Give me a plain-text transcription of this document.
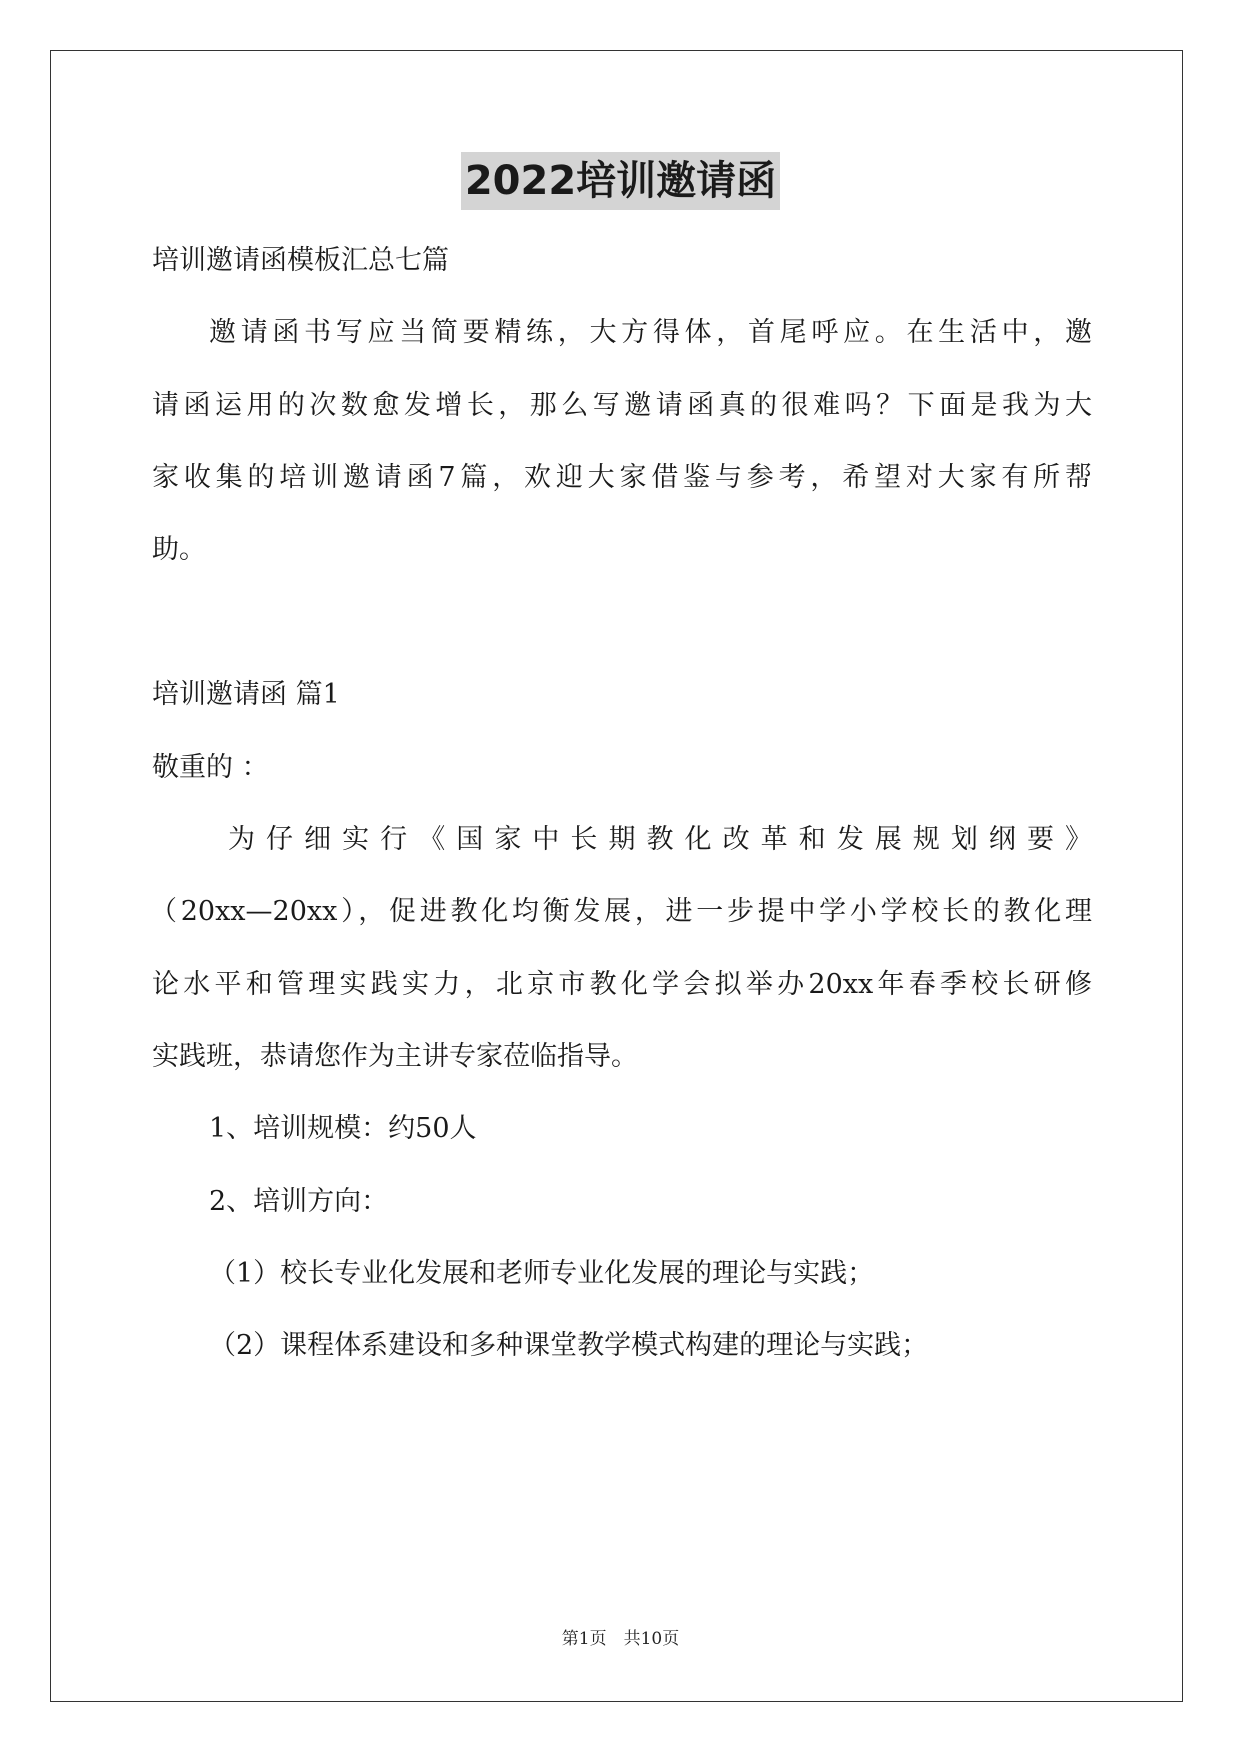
2022培训邀请函
培训邀请函模板汇总七篇
邀请函书写应当简要精练，大方得体，首尾呼应。在生活中，邀
请函运用的次数愈发增长，那么写邀请函真的很难吗？下面是我为大
家收集的培训邀请函7篇，欢迎大家借鉴与参考，希望对大家有所帮
助。
培训邀请函 篇1
敬重的 ：
为仔细实行《国家中长期教化改革和发展规划纲要》
（20xx—20xx），促进教化均衡发展，进一步提中学小学校长的教化理
论水平和管理实践实力，北京市教化学会拟举办20xx年春季校长研修
实践班，恭请您作为主讲专家莅临指导。
1、培训规模：约50人
2、培训方向：
（1）校长专业化发展和老师专业化发展的理论与实践；
（2）课程体系建设和多种课堂教学模式构建的理论与实践；
第1页　共10页
